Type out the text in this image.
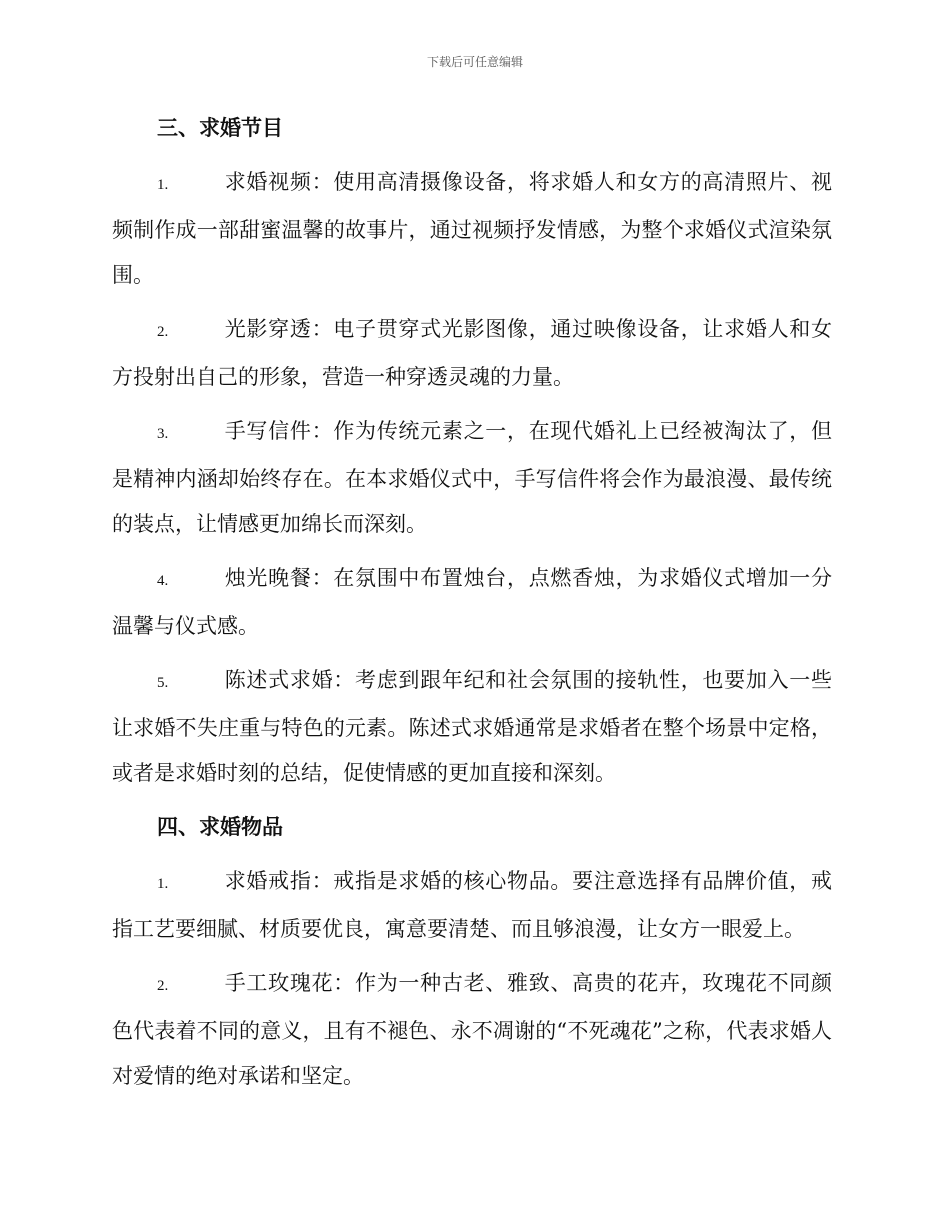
下载后可任意编辑
三、求婚节目

1.	求婚视频：使用高清摄像设备，将求婚人和女方的高清照片、视频制作成一部甜蜜温馨的故事片，通过视频抒发情感，为整个求婚仪式渲染氛围。

2.	光影穿透：电子贯穿式光影图像，通过映像设备，让求婚人和女方投射出自己的形象，营造一种穿透灵魂的力量。

3.	手写信件：作为传统元素之一，在现代婚礼上已经被淘汰了，但是精神内涵却始终存在。在本求婚仪式中，手写信件将会作为最浪漫、最传统的装点，让情感更加绵长而深刻。

4.	烛光晚餐：在氛围中布置烛台，点燃香烛，为求婚仪式增加一分温馨与仪式感。

5.	陈述式求婚：考虑到跟年纪和社会氛围的接轨性，也要加入一些让求婚不失庄重与特色的元素。陈述式求婚通常是求婚者在整个场景中定格，或者是求婚时刻的总结，促使情感的更加直接和深刻。

四、求婚物品

1.	求婚戒指：戒指是求婚的核心物品。要注意选择有品牌价值，戒指工艺要细腻、材质要优良，寓意要清楚、而且够浪漫，让女方一眼爱上。

2.	手工玫瑰花：作为一种古老、雅致、高贵的花卉，玫瑰花不同颜色代表着不同的意义，且有不褪色、永不凋谢的“不死魂花”之称，代表求婚人对爱情的绝对承诺和坚定。
